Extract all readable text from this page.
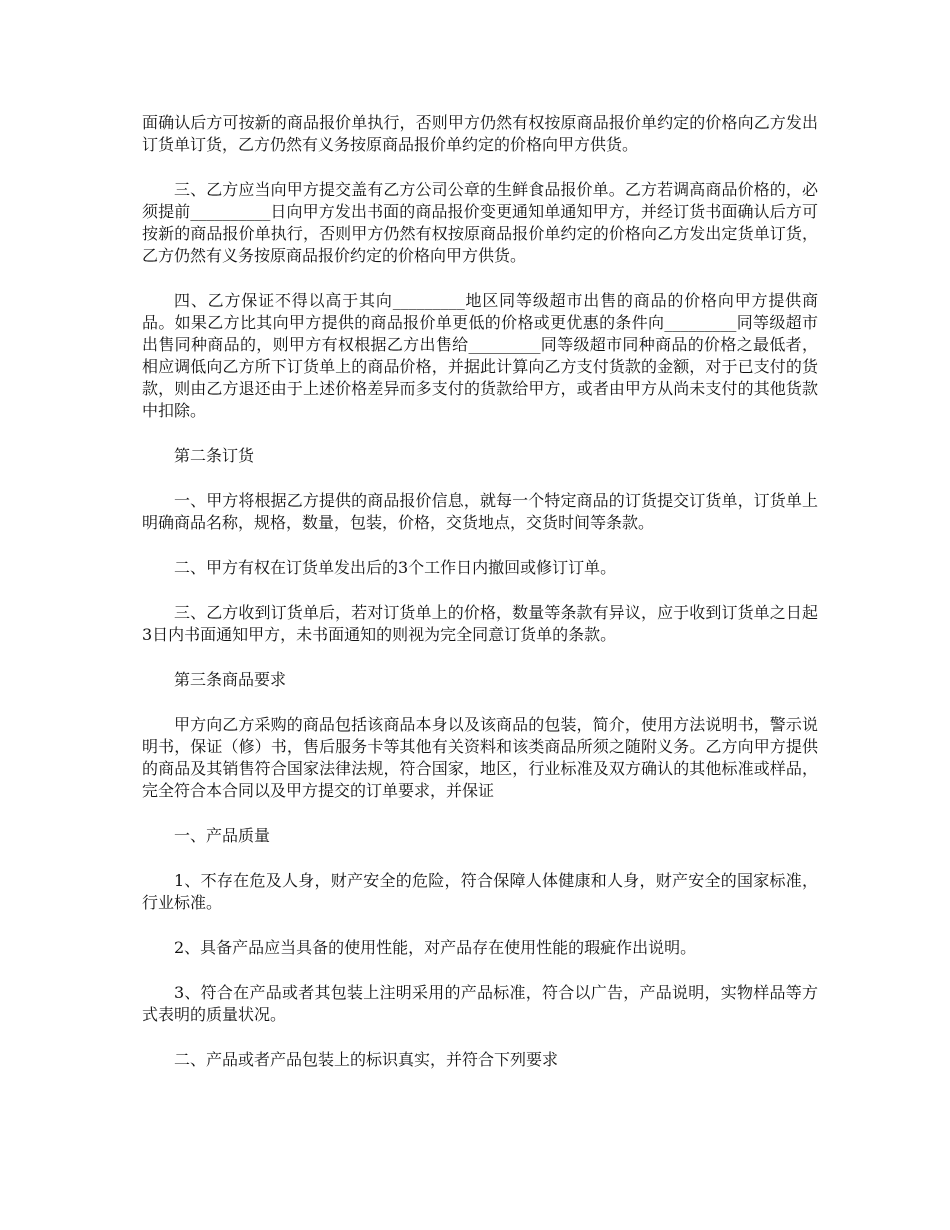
面确认后方可按新的商品报价单执行，否则甲方仍然有权按原商品报价单约定的价格向乙方发出订货单订货，乙方仍然有义务按原商品报价单约定的价格向甲方供货。

三、乙方应当向甲方提交盖有乙方公司公章的生鲜食品报价单。乙方若调高商品价格的，必须提前__________日向甲方发出书面的商品报价变更通知单通知甲方，并经订货书面确认后方可按新的商品报价单执行，否则甲方仍然有权按原商品报价单约定的价格向乙方发出定货单订货，乙方仍然有义务按原商品报价约定的价格向甲方供货。

四、乙方保证不得以高于其向_________地区同等级超市出售的商品的价格向甲方提供商品。如果乙方比其向甲方提供的商品报价单更低的价格或更优惠的条件向_________同等级超市出售同种商品的，则甲方有权根据乙方出售给_________同等级超市同种商品的价格之最低者，相应调低向乙方所下订货单上的商品价格，并据此计算向乙方支付货款的金额，对于已支付的货款，则由乙方退还由于上述价格差异而多支付的货款给甲方，或者由甲方从尚未支付的其他货款中扣除。

第二条订货

一、甲方将根据乙方提供的商品报价信息，就每一个特定商品的订货提交订货单，订货单上明确商品名称，规格，数量，包装，价格，交货地点，交货时间等条款。

二、甲方有权在订货单发出后的3个工作日内撤回或修订订单。

三、乙方收到订货单后，若对订货单上的价格，数量等条款有异议，应于收到订货单之日起3日内书面通知甲方，未书面通知的则视为完全同意订货单的条款。

第三条商品要求

甲方向乙方采购的商品包括该商品本身以及该商品的包装，简介，使用方法说明书，警示说明书，保证（修）书，售后服务卡等其他有关资料和该类商品所须之随附义务。乙方向甲方提供的商品及其销售符合国家法律法规，符合国家，地区，行业标准及双方确认的其他标准或样品，完全符合本合同以及甲方提交的订单要求，并保证

一、产品质量

1、不存在危及人身，财产安全的危险，符合保障人体健康和人身，财产安全的国家标准，行业标准。

2、具备产品应当具备的使用性能，对产品存在使用性能的瑕疵作出说明。

3、符合在产品或者其包装上注明采用的产品标准，符合以广告，产品说明，实物样品等方式表明的质量状况。

二、产品或者产品包装上的标识真实，并符合下列要求
